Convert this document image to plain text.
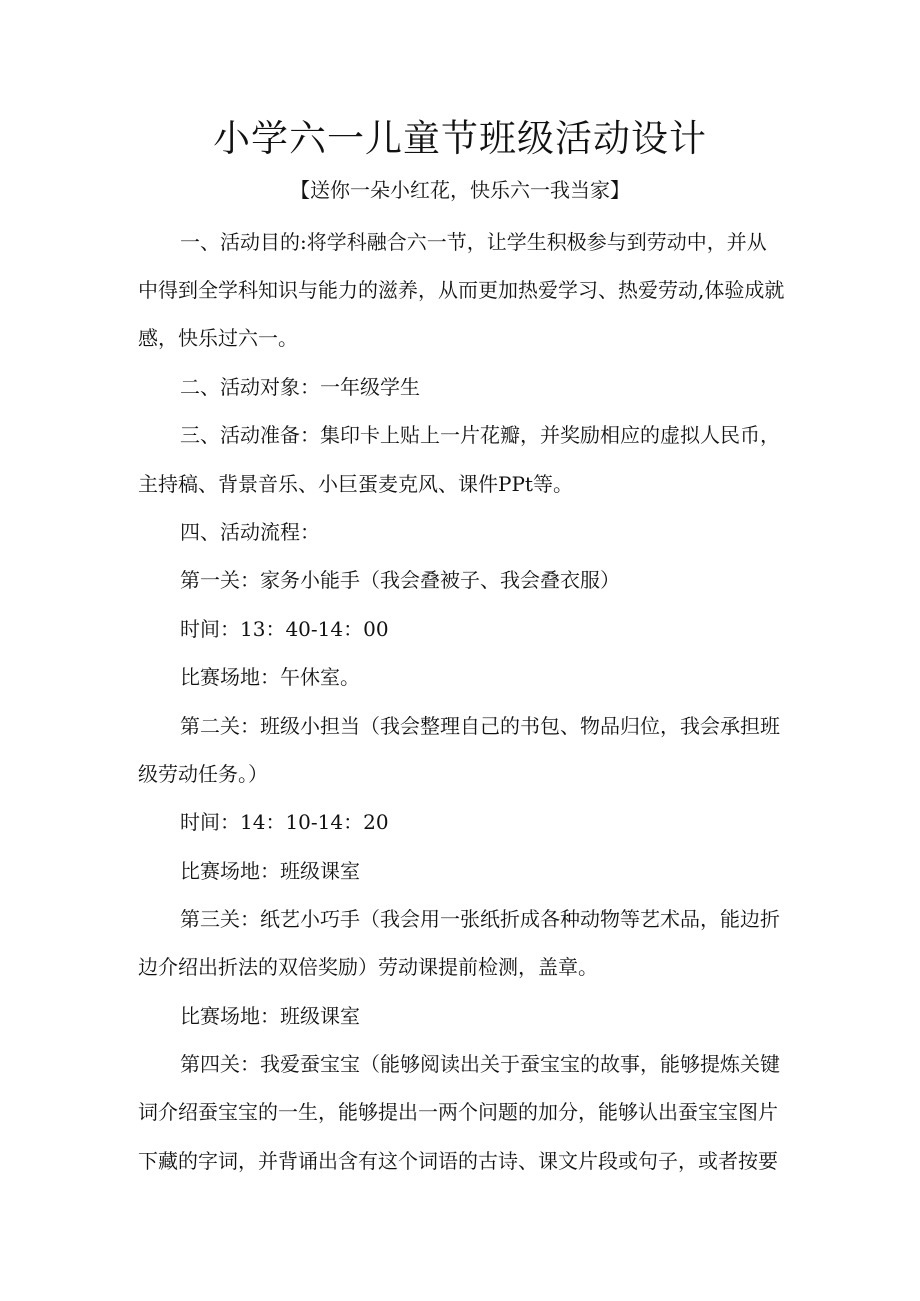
小学六一儿童节班级活动设计
【送你一朵小红花，快乐六一我当家】
一、活动目的:将学科融合六一节，让学生积极参与到劳动中，并从
中得到全学科知识与能力的滋养，从而更加热爱学习、热爱劳动,体验成就
感，快乐过六一。
二、活动对象：一年级学生
三、活动准备：集印卡上贴上一片花瓣，并奖励相应的虚拟人民币，
主持稿、背景音乐、小巨蛋麦克风、课件PPt等。
四、活动流程：
第一关：家务小能手（我会叠被子、我会叠衣服）
时间：13：40-14：00
比赛场地：午休室。
第二关：班级小担当（我会整理自己的书包、物品归位，我会承担班
级劳动任务。）
时间：14：10-14：20
比赛场地：班级课室
第三关：纸艺小巧手（我会用一张纸折成各种动物等艺术品，能边折
边介绍出折法的双倍奖励）劳动课提前检测，盖章。
比赛场地：班级课室
第四关：我爱蚕宝宝（能够阅读出关于蚕宝宝的故事，能够提炼关键
词介绍蚕宝宝的一生，能够提出一两个问题的加分，能够认出蚕宝宝图片
下藏的字词，并背诵出含有这个词语的古诗、课文片段或句子，或者按要
